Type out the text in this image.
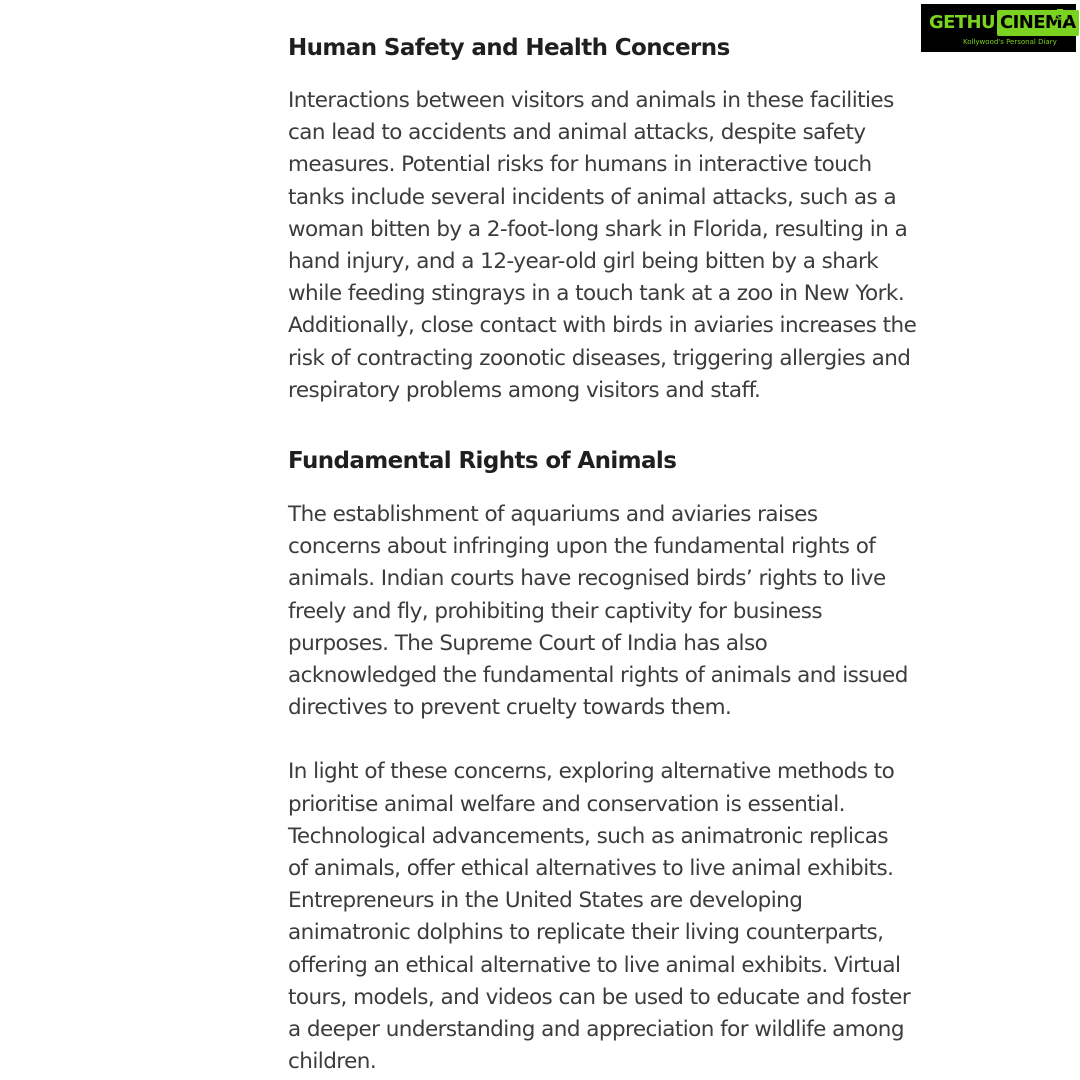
Human Safety and Health Concerns

Interactions between visitors and animals in these facilities
can lead to accidents and animal attacks, despite safety
measures. Potential risks for humans in interactive touch
tanks include several incidents of animal attacks, such as a
woman bitten by a 2-foot-long shark in Florida, resulting in a
hand injury, and a 12-year-old girl being bitten by a shark
while feeding stingrays in a touch tank at a zoo in New York.
Additionally, close contact with birds in aviaries increases the
risk of contracting zoonotic diseases, triggering allergies and
respiratory problems among visitors and staff.

Fundamental Rights of Animals

The establishment of aquariums and aviaries raises
concerns about infringing upon the fundamental rights of
animals. Indian courts have recognised birds’ rights to live
freely and fly, prohibiting their captivity for business
purposes. The Supreme Court of India has also
acknowledged the fundamental rights of animals and issued
directives to prevent cruelty towards them.

In light of these concerns, exploring alternative methods to
prioritise animal welfare and conservation is essential.
Technological advancements, such as animatronic replicas
of animals, offer ethical alternatives to live animal exhibits.
Entrepreneurs in the United States are developing
animatronic dolphins to replicate their living counterparts,
offering an ethical alternative to live animal exhibits. Virtual
tours, models, and videos can be used to educate and foster
a deeper understanding and appreciation for wildlife among
children.

GETHU CINEMA
Kollywood's Personal Diary
